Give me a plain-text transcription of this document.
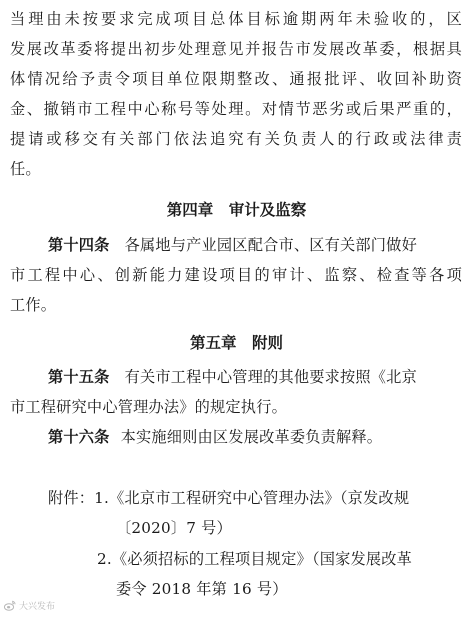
当理由未按要求完成项目总体目标逾期两年未验收的，区
发展改革委将提出初步处理意见并报告市发展改革委，根据具
体情况给予责令项目单位限期整改、通报批评、收回补助资
金、撤销市工程中心称号等处理。对情节恶劣或后果严重的，
提请或移交有关部门依法追究有关负责人的行政或法律责
任。
第四章　审计及监察
第十四条 各属地与产业园区配合市、区有关部门做好
市工程中心、创新能力建设项目的审计、监察、检查等各项
工作。
第五章　附则
第十五条 有关市工程中心管理的其他要求按照《北京
市工程研究中心管理办法》的规定执行。
第十六条 本实施细则由区发展改革委负责解释。
附件：1.《北京市工程研究中心管理办法》（京发改规
〔2020〕7 号）
2.《必须招标的工程项目规定》（国家发展改革
委令 2018 年第 16 号）
大兴发布
